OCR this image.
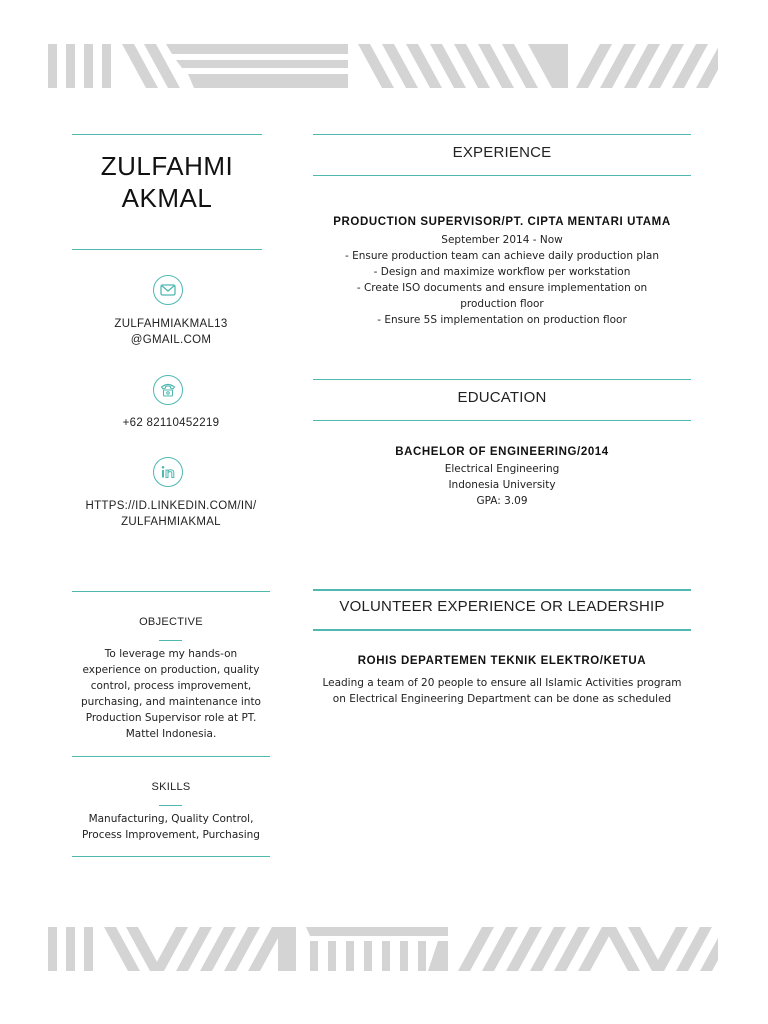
ZULFAHMI
AKMAL
ZULFAHMIAKMAL13
@GMAIL.COM
+62 82110452219
HTTPS://ID.LINKEDIN.COM/IN/
ZULFAHMIAKMAL
OBJECTIVE
To leverage my hands-on experience on production, quality control, process improvement, purchasing, and maintenance into Production Supervisor role at PT. Mattel Indonesia.
SKILLS
Manufacturing, Quality Control, Process Improvement, Purchasing
EXPERIENCE
PRODUCTION SUPERVISOR/PT. CIPTA MENTARI UTAMA
September 2014 - Now
- Ensure production team can achieve daily production plan
- Design and maximize workflow per workstation
- Create ISO documents and ensure implementation on production floor
- Ensure 5S implementation on production floor
EDUCATION
BACHELOR OF ENGINEERING/2014
Electrical Engineering
Indonesia University
GPA: 3.09
VOLUNTEER EXPERIENCE OR LEADERSHIP
ROHIS DEPARTEMEN TEKNIK ELEKTRO/KETUA
Leading a team of 20 people to ensure all Islamic Activities program on Electrical Engineering Department can be done as scheduled
